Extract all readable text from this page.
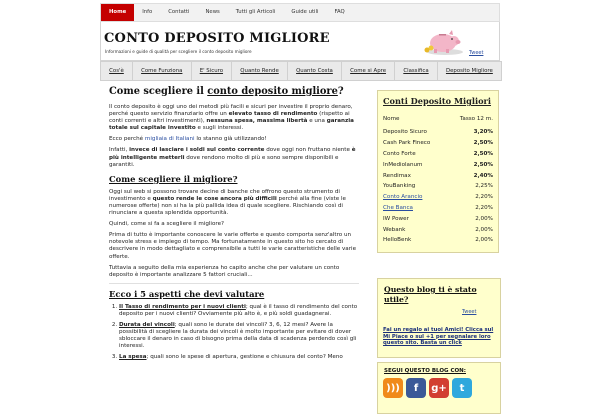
Home	Info	Contatti	News	Tutti gli Articoli	Guide utili	FAQ
CONTO DEPOSITO MIGLIORE
Informazioni e guide di qualità per scegliere il conto deposito migliore	Tweet
Cos'è	Come Funziona	E' Sicuro	Quanto Rende	Quanto Costa	Come si Apre	Classifica	Deposito Migliore
Come scegliere il conto deposito migliore?

Il conto deposito è oggi uno dei metodi più facili e sicuri per investire il proprio denaro, perché questo servizio finanziario offre un elevato tasso di rendimento (rispetto ai conti correnti e altri investimenti), nessuna spesa, massima libertà e una garanzia totale sul capitale investito e sugli interessi.

Ecco perché migliaia di Italiani lo stanno già utilizzando!

Infatti, invece di lasciare i soldi sul conto corrente dove oggi non fruttano niente è più intelligente metterli dove rendono molto di più e sono sempre disponibili e garantiti.

Come scegliere il migliore?

Oggi sul web si possono trovare decine di banche che offrono questo strumento di investimento e questo rende le cose ancora più difficili perché alla fine (viste le numerose offerte) non si ha la più pallida idea di quale scegliere. Rischiando così di rinunciare a questa splendida opportunità.

Quindi, come si fa a scegliere il migliore?

Prima di tutto è importante conoscere le varie offerte e questo comporta senz'altro un notevole stress e impiego di tempo. Ma fortunatamente in questo sito ho cercato di descrivere in modo dettagliato e comprensibile a tutti le varie caratteristiche delle varie offerte.

Tuttavia a seguito della mia esperienza ho capito anche che per valutare un conto deposito è importante analizzare 5 fattori cruciali...

Ecco i 5 aspetti che devi valutare
1. Il Tasso di rendimento per i nuovi clienti; qual è il tasso di rendimento del conto deposito per i nuovi clienti? Ovviamente più alto è, e più soldi guadagnerai.
2. Durata dei vincoli; quali sono le durate dei vincoli? 3, 6, 12 mesi? Avere la possibilità di scegliere la durata dei vincoli è molto importante per evitare di dover sbloccare il denaro in caso di bisogno prima della data di scadenza perdendo così gli interessi.
3. La spesa; quali sono le spese di apertura, gestione e chiusura del conto? Meno
Conti Deposito Migliori
Nome	Tasso 12 m.
Deposito Sicuro	3,20%
Cash Park Fineco	2,50%
Conto Forte	2,50%
InMediolanum	2,50%
Rendimax	2,40%
YouBanking	2,25%
Conto Arancio	2,20%
Che Banca	2,20%
IW Power	2,00%
Webank	2,00%
HelloBenk	2,00%
Questo blog ti è stato utile?
Tweet
Fai un regalo ai tuoi Amici! Clicca sul Mi Piace o sul +1 per segnalare loro questo sito. Basta un click
SEGUI QUESTO BLOG CON:
)))	f	g+	t
